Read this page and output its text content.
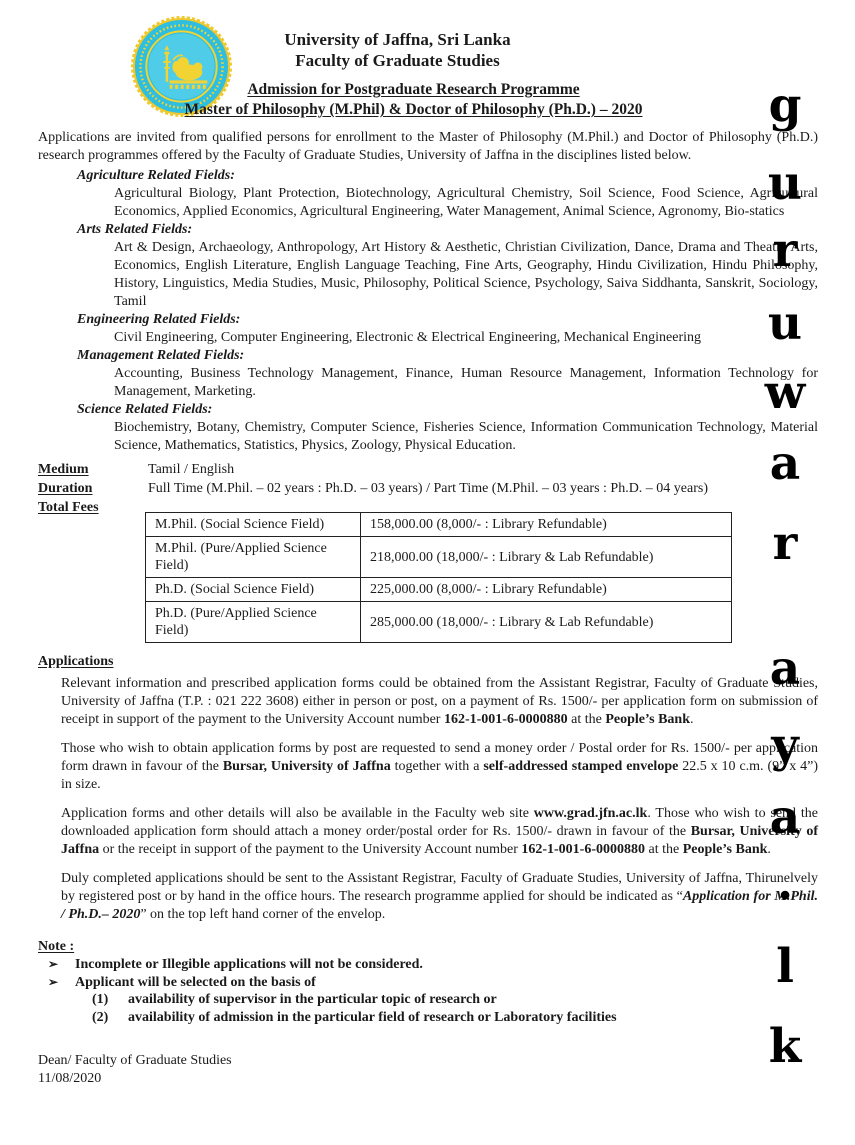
University of Jaffna, Sri Lanka
Faculty of Graduate Studies
Admission for Postgraduate Research Programme
Master of Philosophy (M.Phil) & Doctor of Philosophy (Ph.D.) – 2020

Applications are invited from qualified persons for enrollment to the Master of Philosophy (M.Phil.) and Doctor of Philosophy (Ph.D.) research programmes offered by the Faculty of Graduate Studies, University of Jaffna in the disciplines listed below.

Agriculture Related Fields:
Agricultural Biology, Plant Protection, Biotechnology, Agricultural Chemistry, Soil Science, Food Science, Agricultural Economics, Applied Economics, Agricultural Engineering, Water Management, Animal Science, Agronomy, Bio-statics
Arts Related Fields:
Art & Design, Archaeology, Anthropology, Art History & Aesthetic, Christian Civilization, Dance, Drama and Theatre Arts, Economics, English Literature, English Language Teaching, Fine Arts, Geography, Hindu Civilization, Hindu Philosophy, History, Linguistics, Media Studies, Music, Philosophy, Political Science, Psychology, Saiva Siddhanta, Sanskrit, Sociology, Tamil
Engineering Related Fields:
Civil Engineering, Computer Engineering, Electronic & Electrical Engineering, Mechanical Engineering
Management Related Fields:
Accounting, Business Technology Management, Finance, Human Resource Management, Information Technology for Management, Marketing.
Science Related Fields:
Biochemistry, Botany, Chemistry, Computer Science, Fisheries Science, Information Communication Technology, Material Science, Mathematics, Statistics, Physics, Zoology, Physical Education.
Medium	Tamil / English
Duration	Full Time (M.Phil. – 02 years : Ph.D. – 03 years) / Part Time (M.Phil. – 03 years : Ph.D. – 04 years)
Total Fees
M.Phil. (Social Science Field)	158,000.00 (8,000/- : Library Refundable)
M.Phil. (Pure/Applied Science Field)	218,000.00 (18,000/- : Library & Lab Refundable)
Ph.D. (Social Science Field)	225,000.00 (8,000/- : Library Refundable)
Ph.D. (Pure/Applied Science Field)	285,000.00 (18,000/- : Library & Lab Refundable)
Applications

Relevant information and prescribed application forms could be obtained from the Assistant Registrar, Faculty of Graduate Studies, University of Jaffna (T.P. : 021 222 3608) either in person or post, on a payment of Rs. 1500/- per application form on submission of receipt in support of the payment to the University Account number 162-1-001-6-0000880 at the People’s Bank.

Those who wish to obtain application forms by post are requested to send a money order / Postal order for Rs. 1500/- per application form drawn in favour of the Bursar, University of Jaffna together with a self-addressed stamped envelope 22.5 x 10 c.m. (9” x 4”) in size.

Application forms and other details will also be available in the Faculty web site www.grad.jfn.ac.lk. Those who wish to send the downloaded application form should attach a money order/postal order for Rs. 1500/- drawn in favour of the Bursar, University of Jaffna or the receipt in support of the payment to the University Account number 162-1-001-6-0000880 at the People’s Bank.

Duly completed applications should be sent to the Assistant Registrar, Faculty of Graduate Studies, University of Jaffna, Thirunelvely by registered post or by hand in the office hours. The research programme applied for should be indicated as “Application for M.Phil. / Ph.D.– 2020” on the top left hand corner of the envelop.

Note :
➢	Incomplete or Illegible applications will not be considered.
➢	Applicant will be selected on the basis of
(1)	availability of supervisor in the particular topic of research or
(2)	availability of admission in the particular field of research or Laboratory facilities
Dean/ Faculty of Graduate Studies
11/08/2020
g
u
r
u
w
a
r
a
y
a
.
l
k
